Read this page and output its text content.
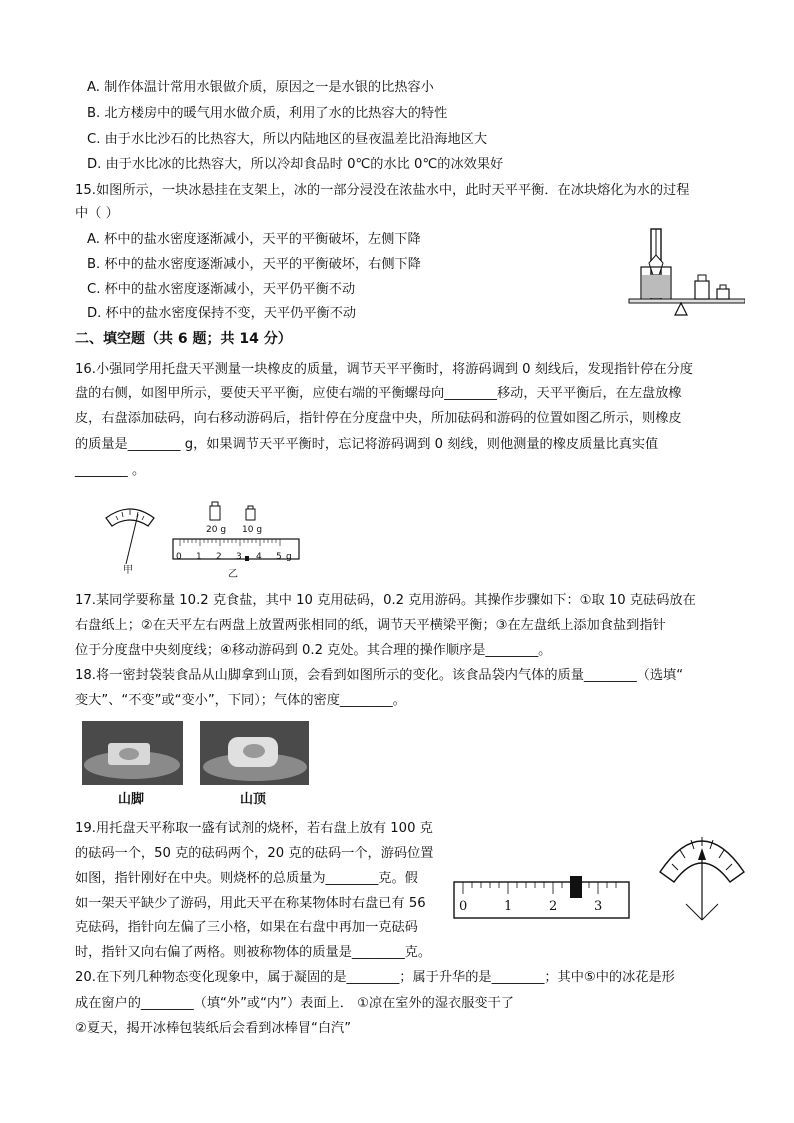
A. 制作体温计常用水银做介质，原因之一是水银的比热容小
B. 北方楼房中的暖气用水做介质，利用了水的比热容大的特性
C. 由于水比沙石的比热容大，所以内陆地区的昼夜温差比沿海地区大
D. 由于水比冰的比热容大，所以冷却食品时 0℃的水比 0℃的冰效果好
15.如图所示，一块冰悬挂在支架上，冰的一部分浸没在浓盐水中，此时天平平衡．在冰块熔化为水的过程
中（ ）
A. 杯中的盐水密度逐渐减小，天平的平衡破坏，左侧下降
B. 杯中的盐水密度逐渐减小，天平的平衡破坏，右侧下降
C. 杯中的盐水密度逐渐减小，天平仍平衡不动
D. 杯中的盐水密度保持不变，天平仍平衡不动
二、填空题（共 6 题；共 14 分）
16.小强同学用托盘天平测量一块橡皮的质量，调节天平平衡时，将游码调到 0 刻线后，发现指针停在分度
盘的右侧，如图甲所示，要使天平平衡，应使右端的平衡螺母向________移动，天平平衡后，在左盘放橡
皮，右盘添加砝码，向右移动游码后，指针停在分度盘中央，所加砝码和游码的位置如图乙所示，则橡皮
的质量是________ g，如果调节天平平衡时，忘记将游码调到 0 刻线，则他测量的橡皮质量比真实值
________ 。
甲
20 g 10 g
0 1 2 3 4 5 g
乙
17.某同学要称量 10.2 克食盐，其中 10 克用砝码，0.2 克用游码。其操作步骤如下：①取 10 克砝码放在
右盘纸上；②在天平左右两盘上放置两张相同的纸，调节天平横梁平衡；③在左盘纸上添加食盐到指针
位于分度盘中央刻度线；④移动游码到 0.2 克处。其合理的操作顺序是________。
18.将一密封袋装食品从山脚拿到山顶，会看到如图所示的变化。该食品袋内气体的质量________（选填“
变大”、“不变”或“变小”，下同）；气体的密度________。
山脚	山顶
19.用托盘天平称取一盛有试剂的烧杯，若右盘上放有 100 克
的砝码一个，50 克的砝码两个，20 克的砝码一个，游码位置
如图，指针刚好在中央。则烧杯的总质量为________克。假
如一架天平缺少了游码，用此天平在称某物体时右盘已有 56
克砝码，指针向左偏了三小格，如果在右盘中再加一克砝码
时，指针又向右偏了两格。则被称物体的质量是________克。
0	1	2	3
20.在下列几种物态变化现象中，属于凝固的是________；属于升华的是________；其中⑤中的冰花是形
成在窗户的________（填“外”或“内”）表面上． ①凉在室外的湿衣服变干了
②夏天，揭开冰棒包装纸后会看到冰棒冒“白汽”
